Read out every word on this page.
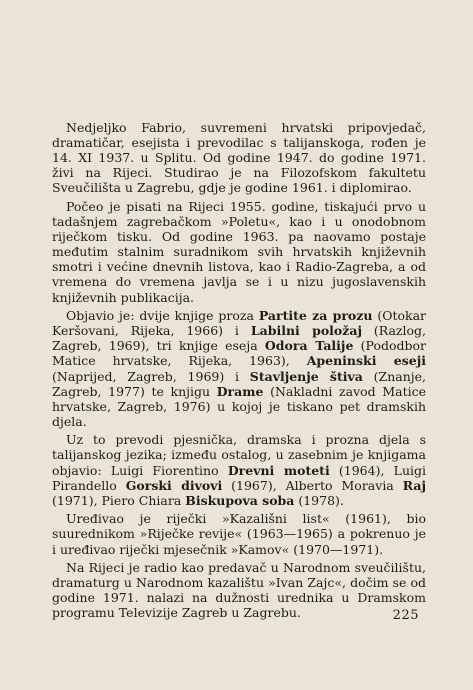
Nedjeljko Fabrio, suvremeni hrvatski pripovjedač, dramatičar, esejista i prevodilac s talijanskoga, rođen je 14. XI 1937. u Splitu. Od godine 1947. do godine 1971. živi na Rijeci. Studirao je na Filozofskom fakultetu Sveučilišta u Zagrebu, gdje je godine 1961. i diplomirao.

Počeo je pisati na Rijeci 1955. godine, tiskajući prvo u tadašnjem zagrebačkom »Poletu«, kao i u onodobnom riječkom tisku. Od godine 1963. pa naovamo postaje međutim stalnim suradnikom svih hrvatskih književnih smotri i većine dnevnih listova, kao i Radio-Zagreba, a od vremena do vremena javlja se i u nizu jugoslavenskih književnih publikacija.

Objavio je: dvije knjige proza Partite za prozu (Otokar Keršovani, Rijeka, 1966) i Labilni položaj (Razlog, Zagreb, 1969), tri knjige eseja Odora Talije (Pododbor Matice hrvatske, Rijeka, 1963), Apeninski eseji (Naprijed, Zagreb, 1969) i Stavljenje štiva (Znanje, Zagreb, 1977) te knjigu Drame (Nakladni zavod Matice hrvatske, Zagreb, 1976) u kojoj je tiskano pet dramskih djela.

Uz to prevodi pjesnička, dramska i prozna djela s talijanskog jezika; između ostalog, u zasebnim je knjigama objavio: Luigi Fiorentino Drevni moteti (1964), Luigi Pirandello Gorski divovi (1967), Alberto Moravia Raj (1971), Piero Chiara Biskupova soba (1978).

Uređivao je riječki »Kazališni list« (1961), bio suurednikom »Riječke revije« (1963—1965) a pokrenuo je i uređivao riječki mjesečnik »Kamov« (1970—1971).

Na Rijeci je radio kao predavač u Narodnom sveučilištu, dramaturg u Narodnom kazalištu »Ivan Zajc«, dočim se od godine 1971. nalazi na dužnosti urednika u Dramskom programu Televizije Zagreb u Zagrebu.	225
